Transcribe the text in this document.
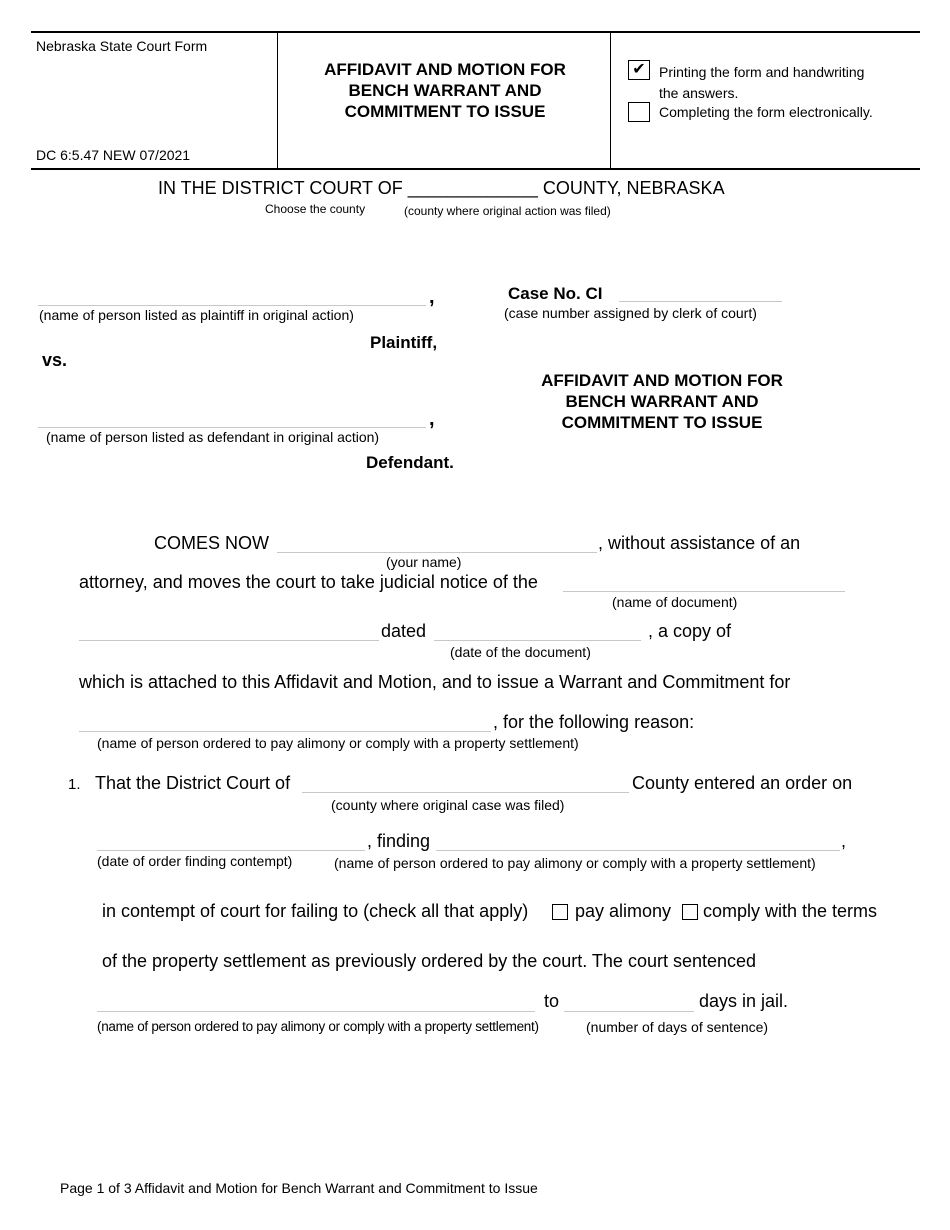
Nebraska State Court Form
DC 6:5.47 NEW 07/2021
AFFIDAVIT AND MOTION FOR
BENCH WARRANT AND
COMMITMENT TO ISSUE
✔ Printing the form and handwriting
the answers.
Completing the form electronically.
IN THE DISTRICT COURT OF _____________ COUNTY, NEBRASKA
Choose the county	(county where original action was filed)
,
(name of person listed as plaintiff in original action)
Plaintiff,
vs.
,
(name of person listed as defendant in original action)
Defendant.
Case No. CI
(case number assigned by clerk of court)
AFFIDAVIT AND MOTION FOR
BENCH WARRANT AND
COMMITMENT TO ISSUE
COMES NOW	, without assistance of an
(your name)
attorney, and moves the court to take judicial notice of the
(name of document)
dated	, a copy of
(date of the document)
which is attached to this Affidavit and Motion, and to issue a Warrant and Commitment for
, for the following reason:
(name of person ordered to pay alimony or comply with a property settlement)
1. That the District Court of	County entered an order on
(county where original case was filed)
, finding	,
(date of order finding contempt)	(name of person ordered to pay alimony or comply with a property settlement)
in contempt of court for failing to (check all that apply)	pay alimony comply with the terms
of the property settlement as previously ordered by the court. The court sentenced
to	days in jail.
(name of person ordered to pay alimony or comply with a property settlement)	(number of days of sentence)
Page 1 of 3 Affidavit and Motion for Bench Warrant and Commitment to Issue
